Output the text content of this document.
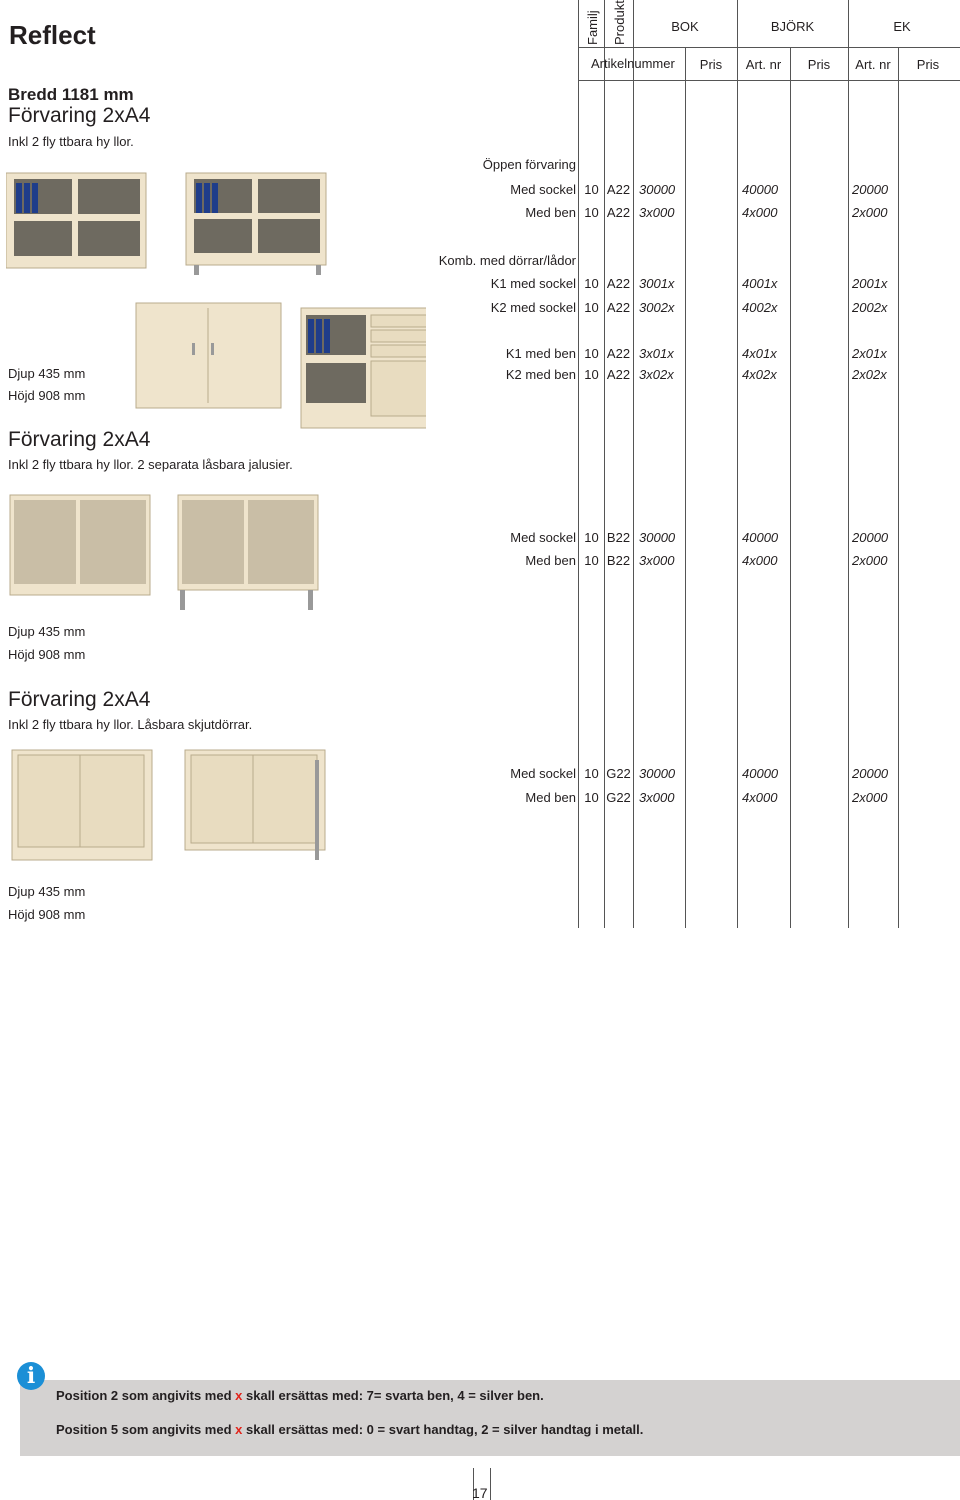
Reflect
Bredd 1181 mm
Förvaring 2xA4
Inkl 2 fly ttbara hy llor.
Djup 435 mm
Höjd 908 mm
Förvaring 2xA4
Inkl 2 fly ttbara hy llor. 2 separata låsbara jalusier.
Djup 435 mm
Höjd 908 mm
Förvaring 2xA4
Inkl 2 fly ttbara hy llor. Låsbara skjutdörrar.
Djup 435 mm
Höjd 908 mm
Familj Produkt	BOK	BJÖRK	EK
Artikelnummer	Pris	Art. nr	Pris	Art. nr	Pris
Öppen förvaring
Komb. med dörrar/lådor
Med sockel 10 A22 30000	40000	20000
Med ben 10 A22 3x000	4x000	2x000
K1 med sockel 10 A22 3001x	4001x	2001x
K2 med sockel 10 A22 3002x	4002x	2002x
K1 med ben 10 A22 3x01x	4x01x	2x01x
K2 med ben 10 A22 3x02x	4x02x	2x02x
Med sockel 10 B22 30000	40000	20000
Med ben 10 B22 3x000	4x000	2x000
Med sockel 10 G22 30000	40000	20000
Med ben 10 G22 3x000	4x000	2x000
i
Position 2 som angivits med x skall ersättas med: 7= svarta ben, 4 = silver ben.
Position 5 som angivits med x skall ersättas med: 0 = svart handtag, 2 = silver handtag i metall.
17
